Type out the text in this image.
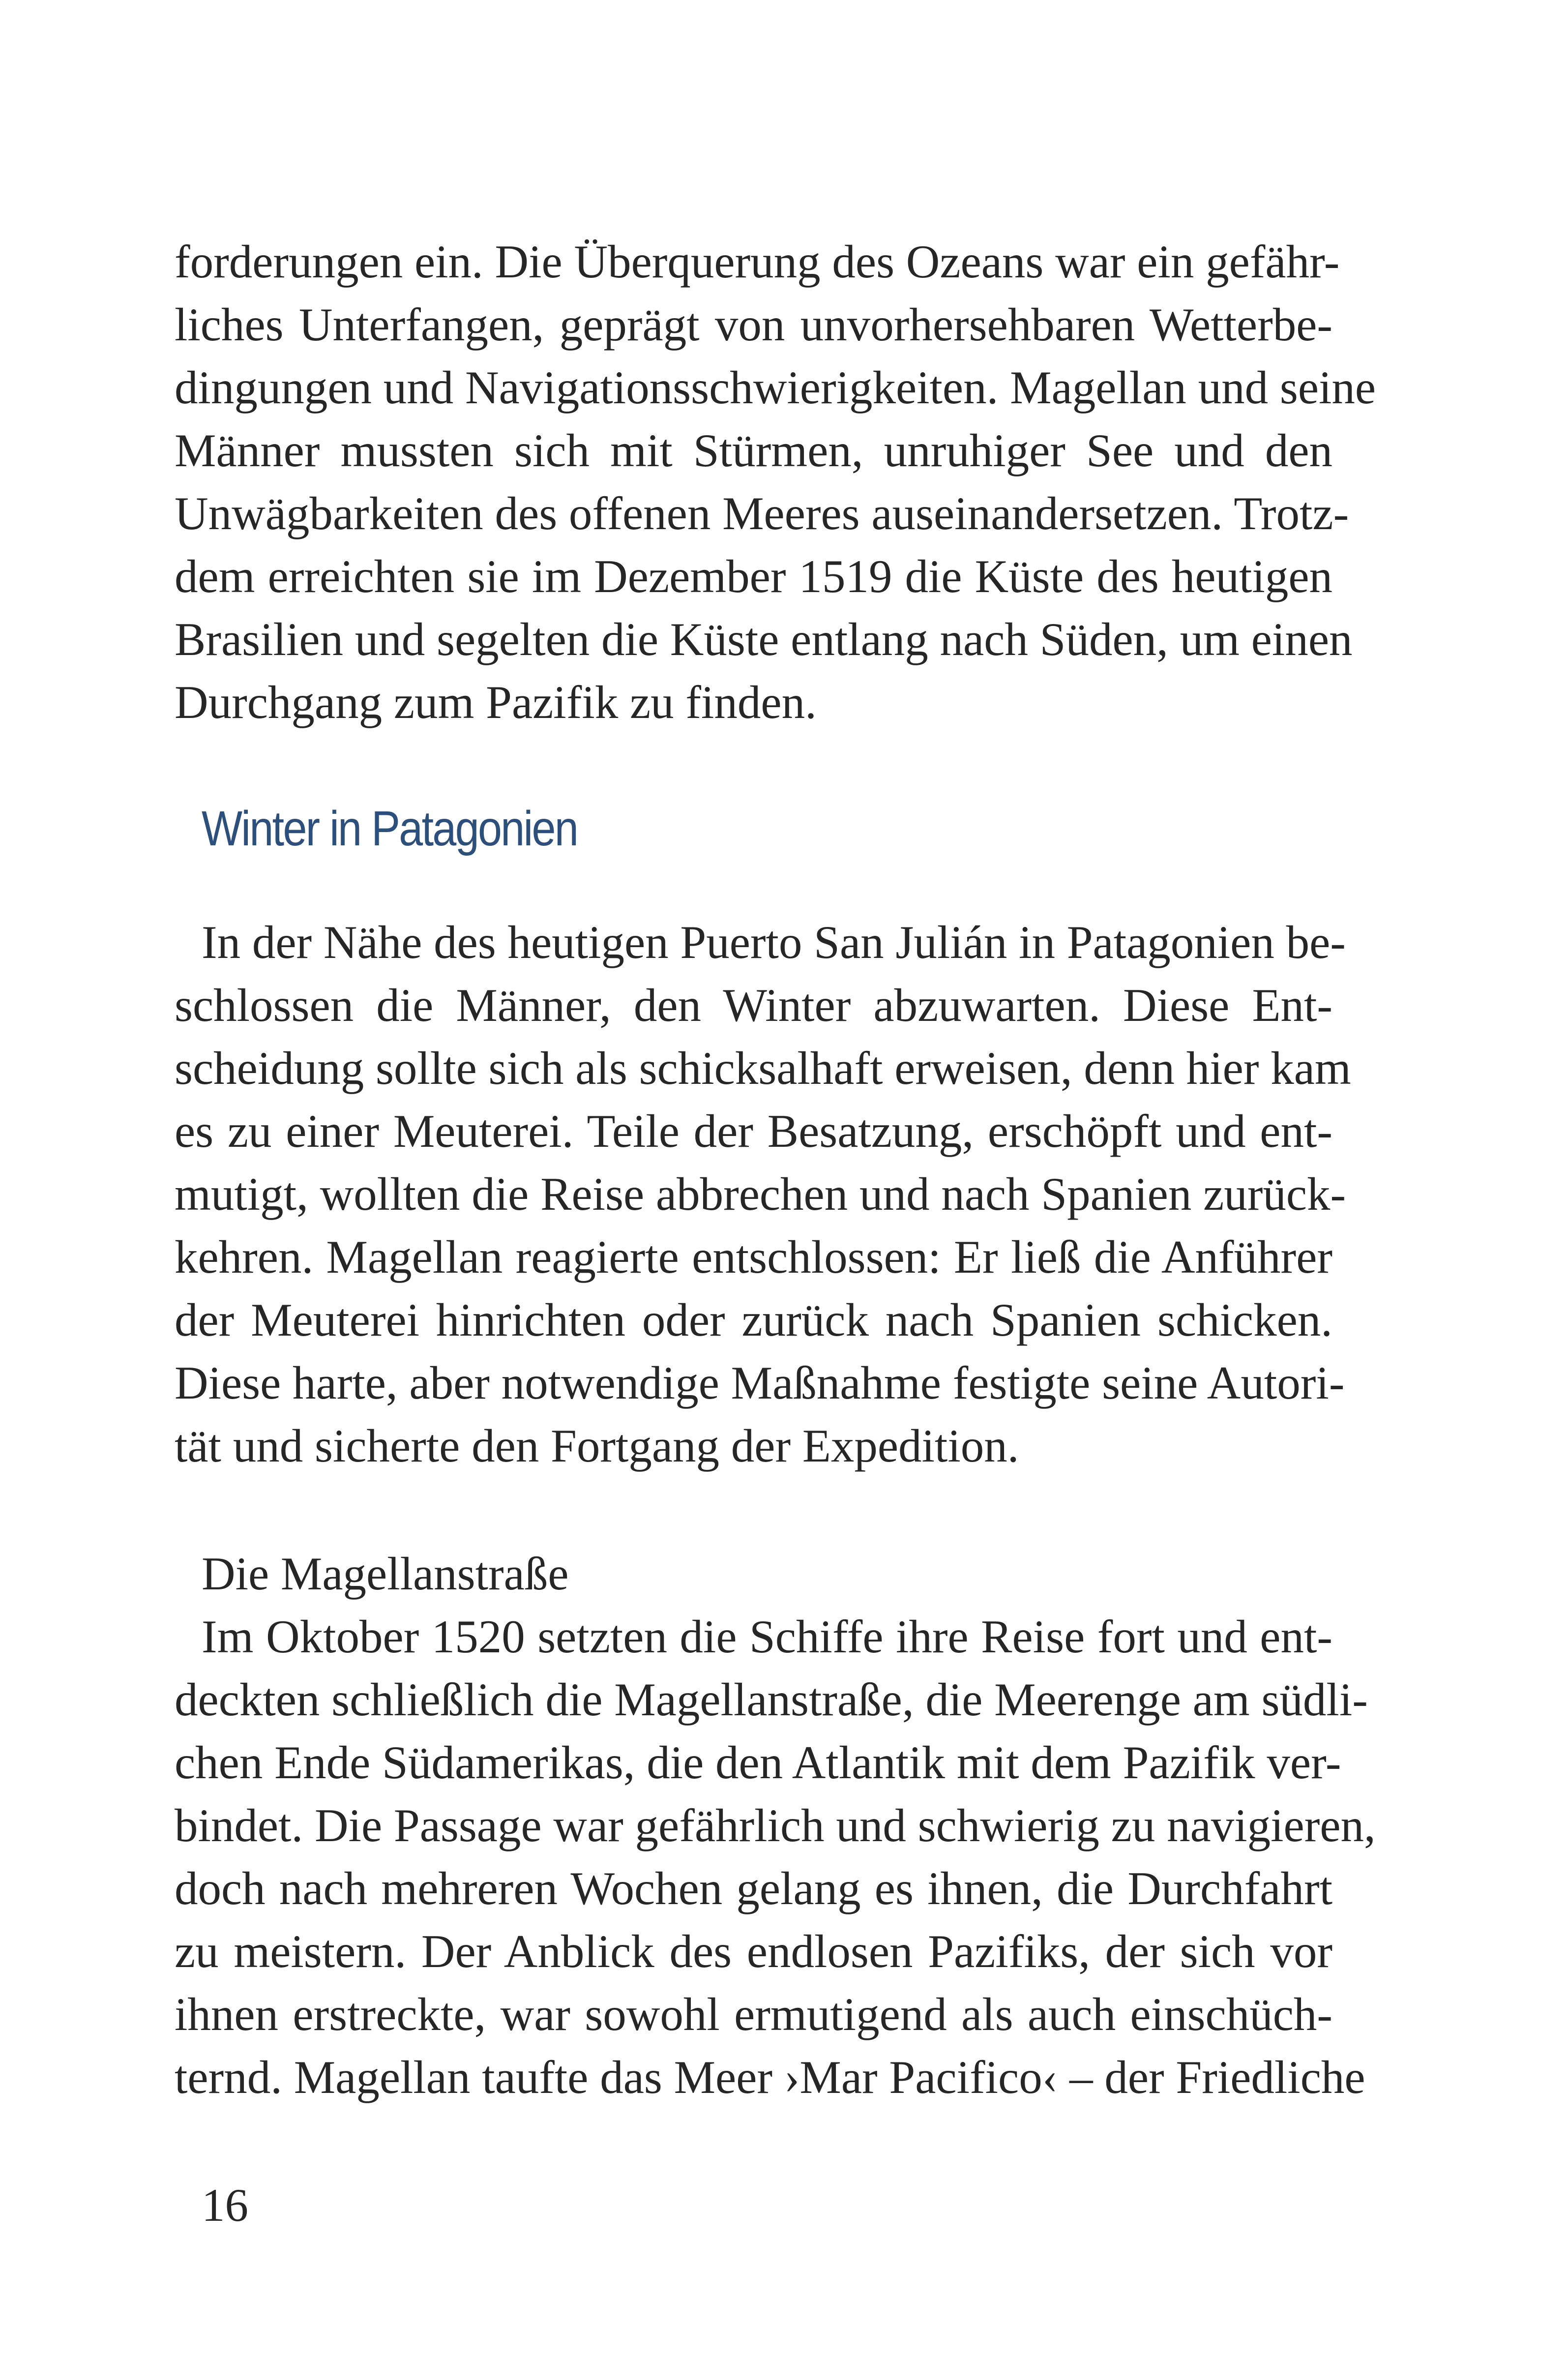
forderungen ein. Die Überquerung des Ozeans war ein gefähr-
liches Unterfangen, geprägt von unvorhersehbaren Wetterbe-
dingungen und Navigationsschwierigkeiten. Magellan und seine
Männer mussten sich mit Stürmen, unruhiger See und den
Unwägbarkeiten des offenen Meeres auseinandersetzen. Trotz-
dem erreichten sie im Dezember 1519 die Küste des heutigen
Brasilien und segelten die Küste entlang nach Süden, um einen
Durchgang zum Pazifik zu finden.
Winter in Patagonien
In der Nähe des heutigen Puerto San Julián in Patagonien be-
schlossen die Männer, den Winter abzuwarten. Diese Ent-
scheidung sollte sich als schicksalhaft erweisen, denn hier kam
es zu einer Meuterei. Teile der Besatzung, erschöpft und ent-
mutigt, wollten die Reise abbrechen und nach Spanien zurück-
kehren. Magellan reagierte entschlossen: Er ließ die Anführer
der Meuterei hinrichten oder zurück nach Spanien schicken.
Diese harte, aber notwendige Maßnahme festigte seine Autori-
tät und sicherte den Fortgang der Expedition.
Die Magellanstraße
Im Oktober 1520 setzten die Schiffe ihre Reise fort und ent-
deckten schließlich die Magellanstraße, die Meerenge am südli-
chen Ende Südamerikas, die den Atlantik mit dem Pazifik ver-
bindet. Die Passage war gefährlich und schwierig zu navigieren,
doch nach mehreren Wochen gelang es ihnen, die Durchfahrt
zu meistern. Der Anblick des endlosen Pazifiks, der sich vor
ihnen erstreckte, war sowohl ermutigend als auch einschüch-
ternd. Magellan taufte das Meer ›Mar Pacifico‹ – der Friedliche
16
